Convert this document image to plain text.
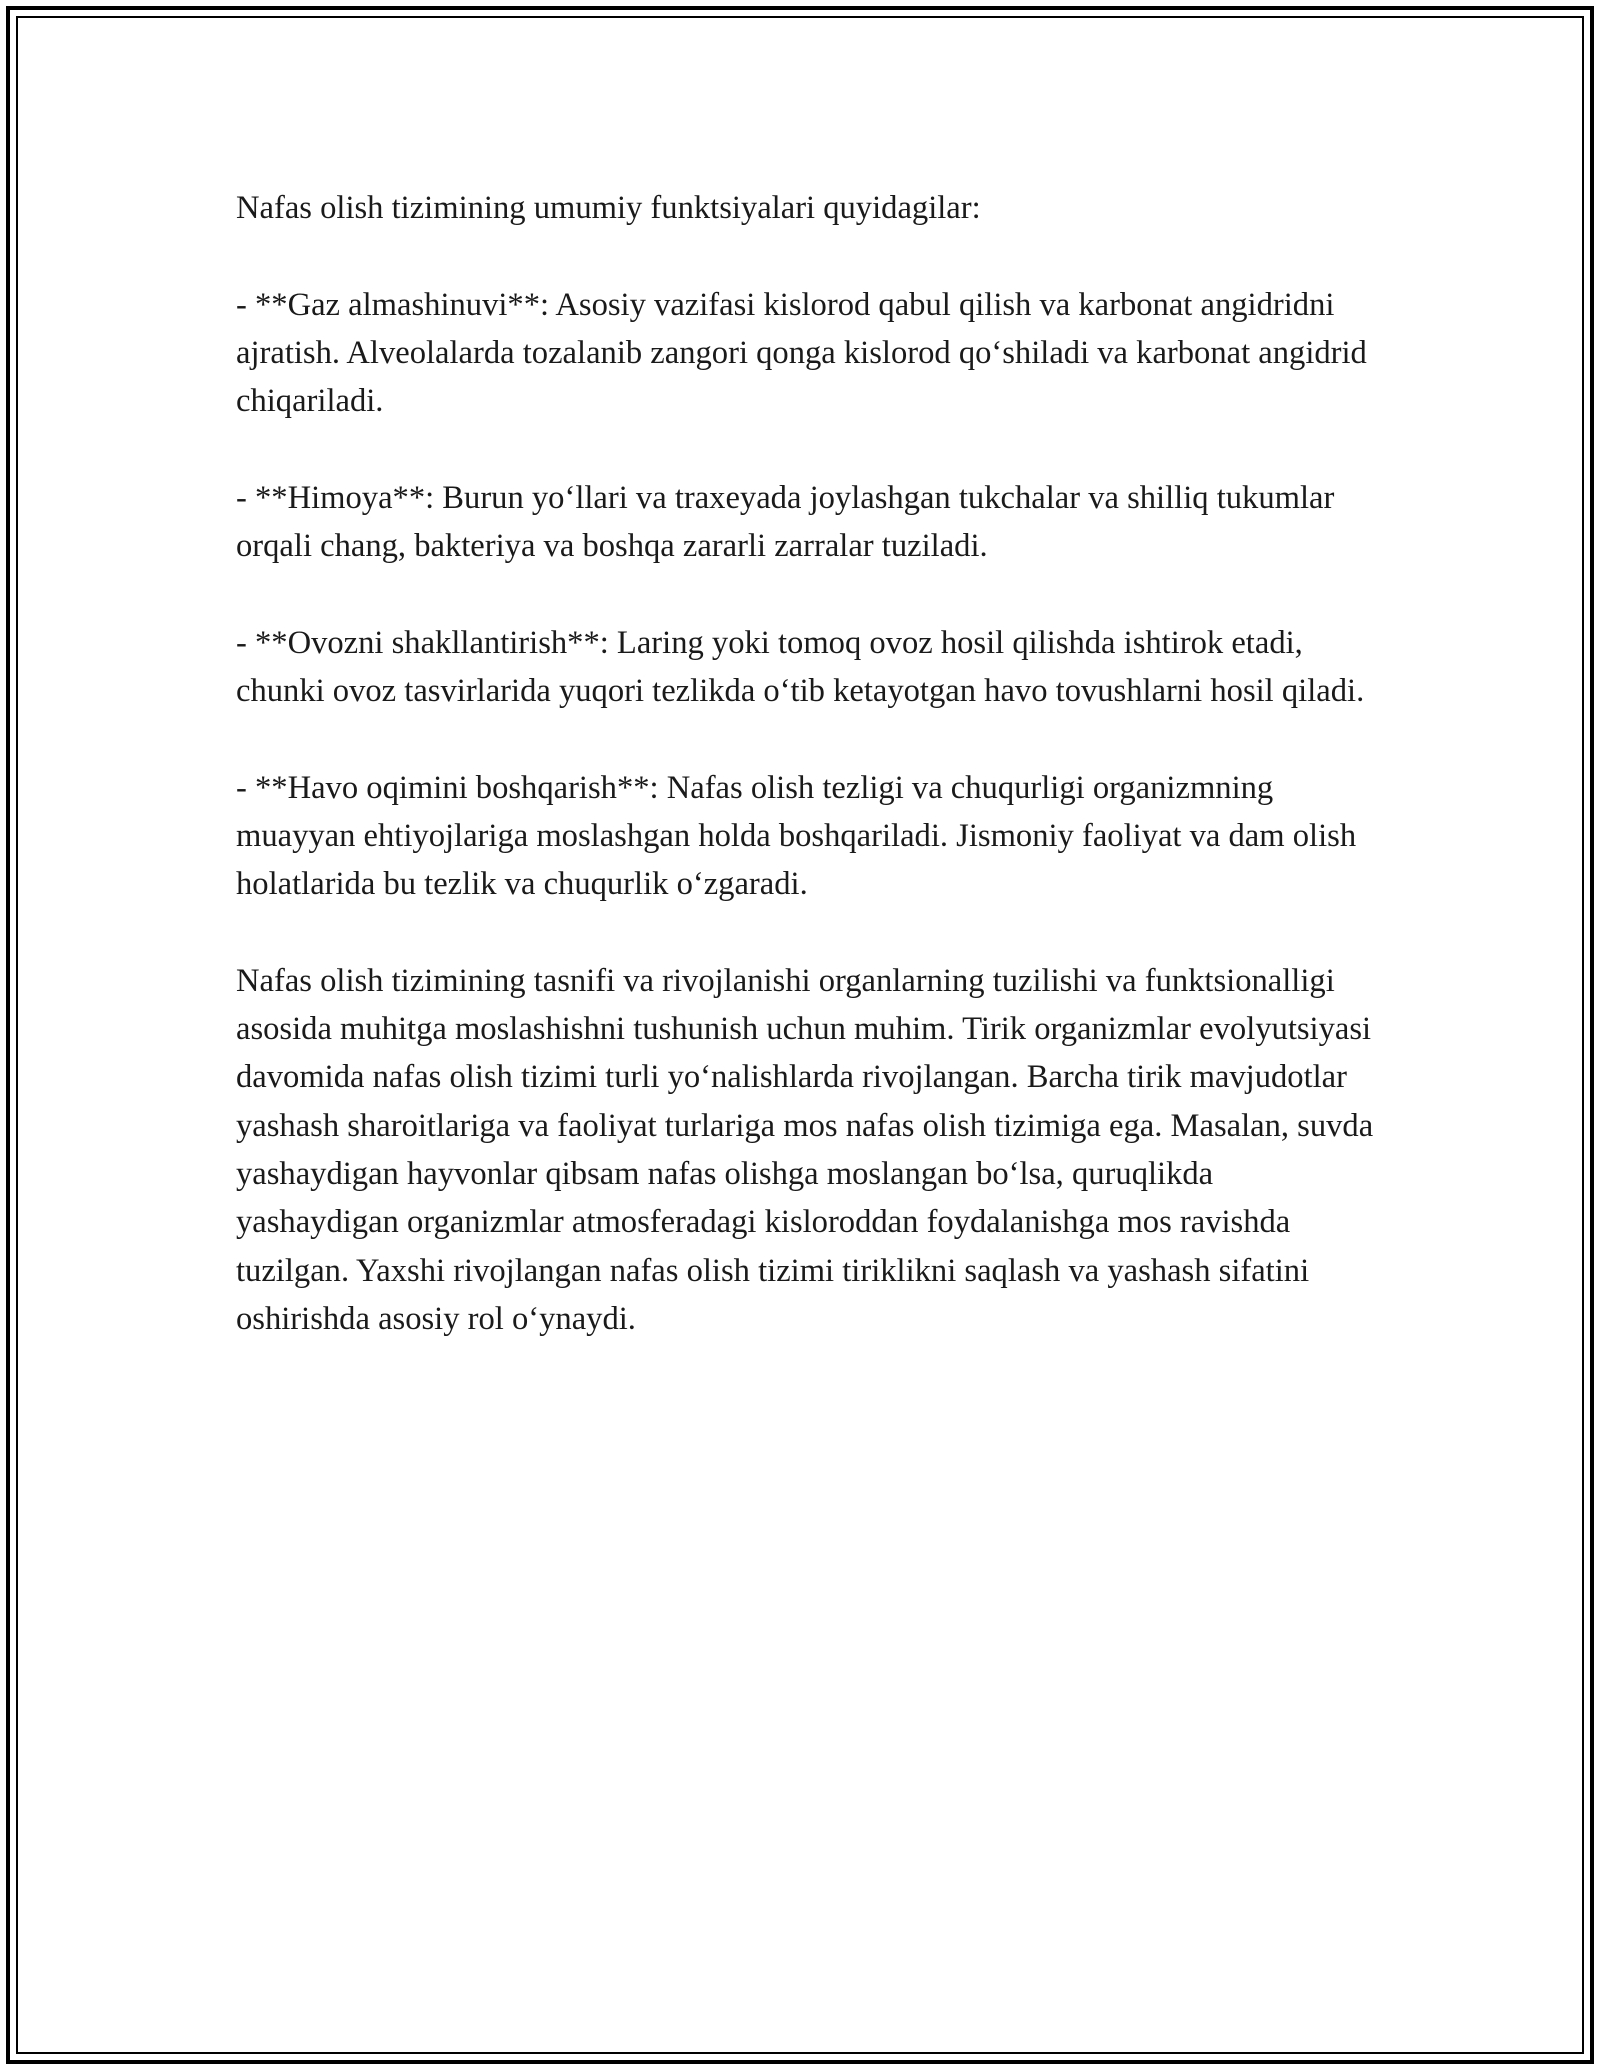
Nafas olish tizimining umumiy funktsiyalari quyidagilar:

- **Gaz almashinuvi**: Asosiy vazifasi kislorod qabul qilish va karbonat angidridni ajratish. Alveolalarda tozalanib zangori qonga kislorod qo‘shiladi va karbonat angidrid chiqariladi.

- **Himoya**: Burun yo‘llari va traxeyada joylashgan tukchalar va shilliq tukumlar orqali chang, bakteriya va boshqa zararli zarralar tuziladi.

- **Ovozni shakllantirish**: Laring yoki tomoq ovoz hosil qilishda ishtirok etadi, chunki ovoz tasvirlarida yuqori tezlikda o‘tib ketayotgan havo tovushlarni hosil qiladi.

- **Havo oqimini boshqarish**: Nafas olish tezligi va chuqurligi organizmning muayyan ehtiyojlariga moslashgan holda boshqariladi. Jismoniy faoliyat va dam olish holatlarida bu tezlik va chuqurlik o‘zgaradi.

Nafas olish tizimining tasnifi va rivojlanishi organlarning tuzilishi va funktsionalligi asosida muhitga moslashishni tushunish uchun muhim. Tirik organizmlar evolyutsiyasi davomida nafas olish tizimi turli yo‘nalishlarda rivojlangan. Barcha tirik mavjudotlar yashash sharoitlariga va faoliyat turlariga mos nafas olish tizimiga ega. Masalan, suvda yashaydigan hayvonlar qibsam nafas olishga moslangan bo‘lsa, quruqlikda yashaydigan organizmlar atmosferadagi kisloroddan foydalanishga mos ravishda tuzilgan. Yaxshi rivojlangan nafas olish tizimi tiriklikni saqlash va yashash sifatini oshirishda asosiy rol o‘ynaydi.
